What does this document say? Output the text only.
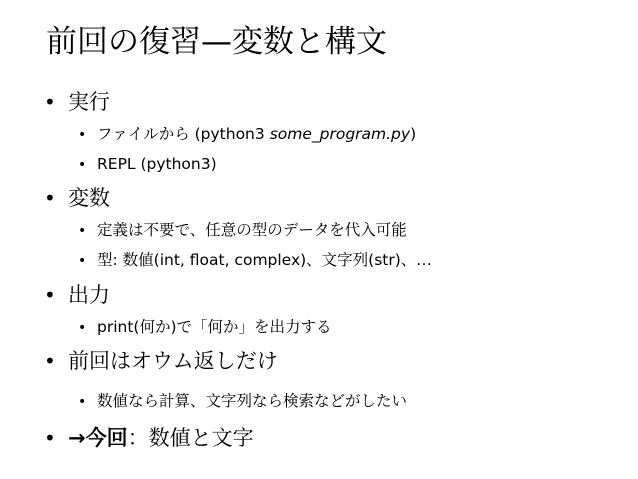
前回の復習—変数と構文
• 実行
• ファイルから (python3 some_program.py)
• REPL (python3)
• 変数
• 定義は不要で、任意の型のデータを代入可能
• 型: 数値(int, float, complex)、文字列(str)、…
• 出力
• print(何か)で「何か」を出力する
• 前回はオウム返しだけ
• 数値なら計算、文字列なら検索などがしたい
• →今回：数値と文字
